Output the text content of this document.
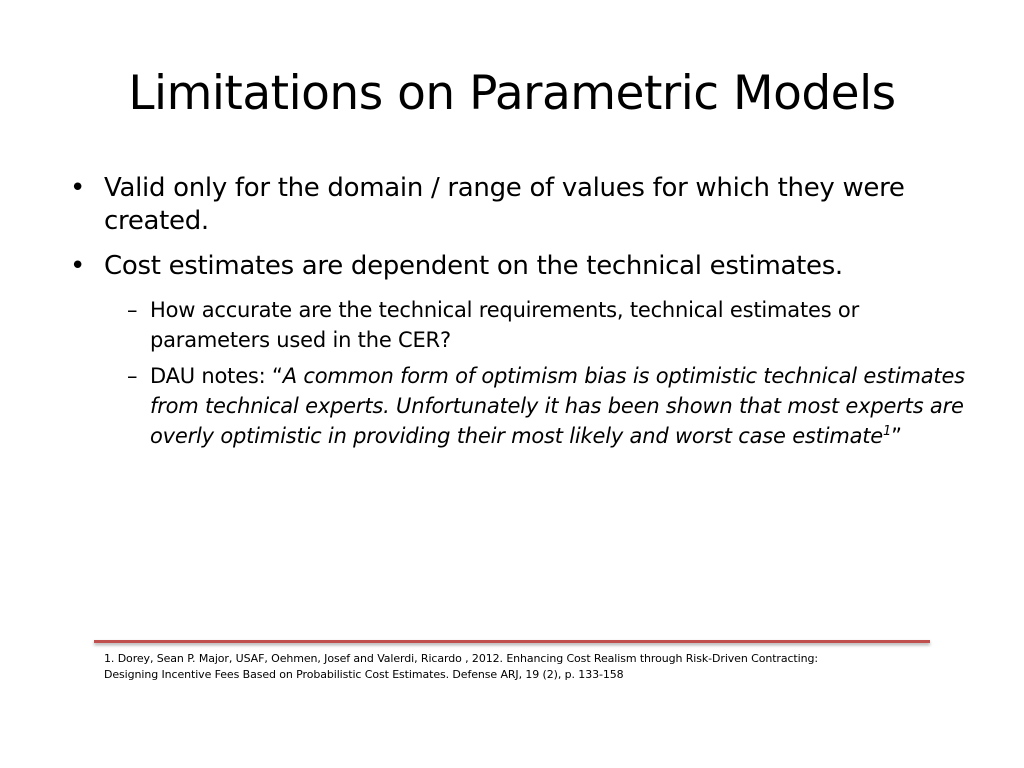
Limitations on Parametric Models
• Valid only for the domain / range of values for which they were created.
• Cost estimates are dependent on the technical estimates.
– How accurate are the technical requirements, technical estimates or parameters used in the CER?
– DAU notes: “A common form of optimism bias is optimistic technical estimates from technical experts. Unfortunately it has been shown that most experts are overly optimistic in providing their most likely and worst case estimate$^1$”
1. Dorey, Sean P. Major, USAF, Oehmen, Josef and Valerdi, Ricardo , 2012. Enhancing Cost Realism through Risk-Driven Contracting:
Designing Incentive Fees Based on Probabilistic Cost Estimates. Defense ARJ, 19 (2), p. 133-158
